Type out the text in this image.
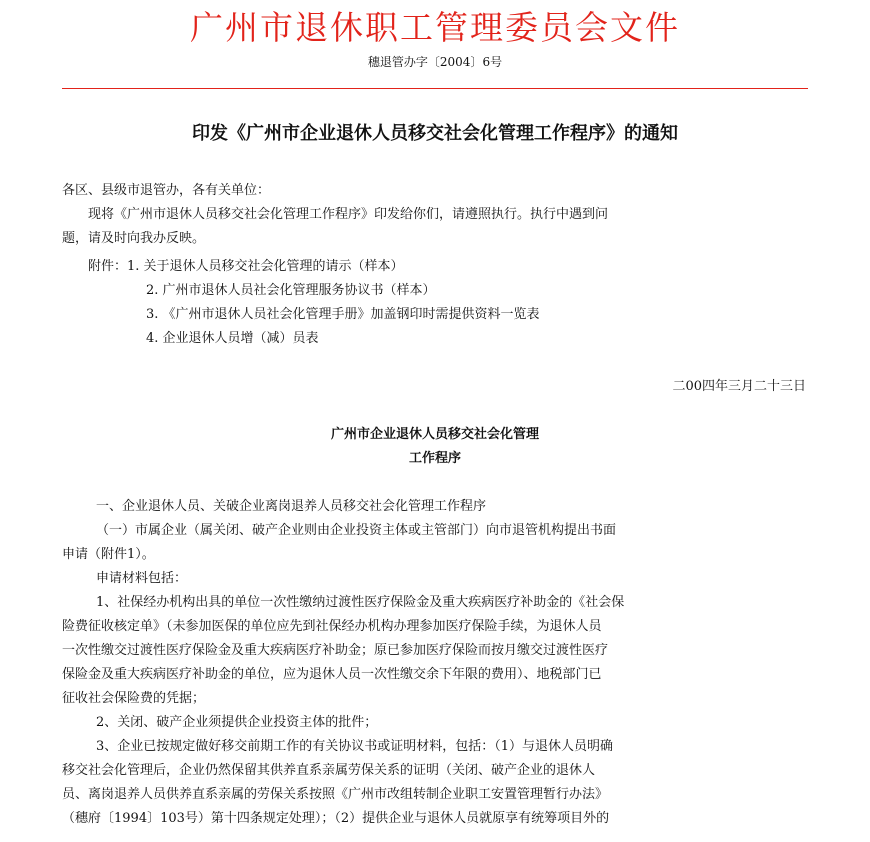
广州市退休职工管理委员会文件
穗退管办字〔2004〕6号
印发《广州市企业退休人员移交社会化管理工作程序》的通知
各区、县级市退管办，各有关单位：
现将《广州市退休人员移交社会化管理工作程序》印发给你们，请遵照执行。执行中遇到问
题，请及时向我办反映。
附件：1. 关于退休人员移交社会化管理的请示（样本）
2. 广州市退休人员社会化管理服务协议书（样本）
3. 《广州市退休人员社会化管理手册》加盖钢印时需提供资料一览表
4. 企业退休人员增（减）员表
二00四年三月二十三日
广州市企业退休人员移交社会化管理
工作程序
一、企业退休人员、关破企业离岗退养人员移交社会化管理工作程序
（一）市属企业（属关闭、破产企业则由企业投资主体或主管部门）向市退管机构提出书面
申请（附件1）。
申请材料包括：
1、社保经办机构出具的单位一次性缴纳过渡性医疗保险金及重大疾病医疗补助金的《社会保
险费征收核定单》（未参加医保的单位应先到社保经办机构办理参加医疗保险手续，为退休人员
一次性缴交过渡性医疗保险金及重大疾病医疗补助金；原已参加医疗保险而按月缴交过渡性医疗
保险金及重大疾病医疗补助金的单位，应为退休人员一次性缴交余下年限的费用）、地税部门已
征收社会保险费的凭据；
2、关闭、破产企业须提供企业投资主体的批件；
3、企业已按规定做好移交前期工作的有关协议书或证明材料，包括：（1）与退休人员明确
移交社会化管理后，企业仍然保留其供养直系亲属劳保关系的证明（关闭、破产企业的退休人
员、离岗退养人员供养直系亲属的劳保关系按照《广州市改组转制企业职工安置管理暂行办法》
（穗府〔1994〕103号）第十四条规定处理）；（2）提供企业与退休人员就原享有统筹项目外的
